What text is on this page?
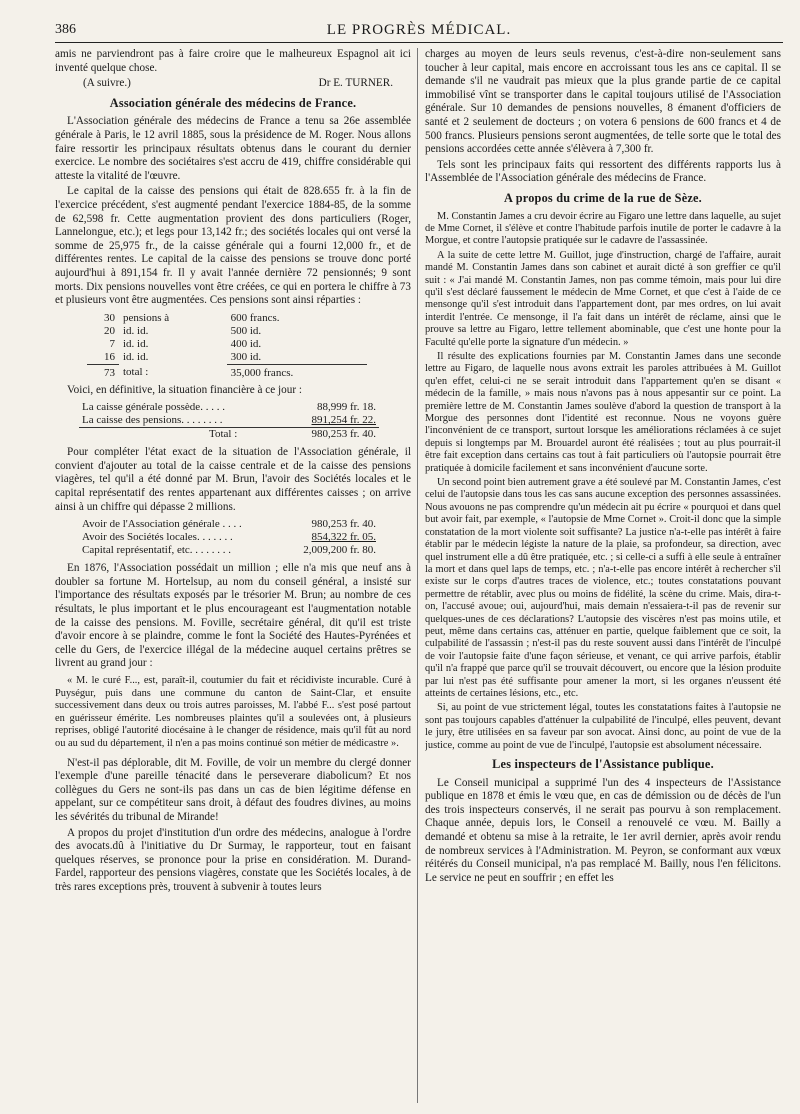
386	LE PROGRÈS MÉDICAL.

amis ne parviendront pas à faire croire que le malheureux Espagnol ait ici inventé quelque chose.

(A suivre.)	Dr E. TURNER.
Association générale des médecins de France.

L'Association générale des médecins de France a tenu sa 26e assemblée générale à Paris, le 12 avril 1885, sous la présidence de M. Roger. Nous allons faire ressortir les principaux résultats obtenus dans le courant du dernier exercice. Le nombre des sociétaires s'est accru de 419, chiffre considérable qui atteste la vitalité de l'œuvre.

Le capital de la caisse des pensions qui était de 828.655 fr. à la fin de l'exercice précédent, s'est augmenté pendant l'exercice 1884-85, de la somme de 62,598 fr. Cette augmentation provient des dons particuliers (Roger, Lannelongue, etc.); et legs pour 13,142 fr.; des sociétés locales qui ont versé la somme de 25,975 fr., de la caisse générale qui a fourni 12,000 fr., et de différentes rentes. Le capital de la caisse des pensions se trouve donc porté aujourd'hui à 891,154 fr. Il y avait l'année dernière 72 pensionnés; 9 sont morts. Dix pensions nouvelles vont être créées, ce qui en portera le chiffre à 73 et plusieurs vont être augmentées. Ces pensions sont ainsi réparties :

30	pensions à	600 francs.
20	id. id.	500 id.
7	id. id.	400 id.
16	id. id.	300 id.
73	total :	35,000 francs.

Voici, en définitive, la situation financière à ce jour :

La caisse générale possède. . . . .	88,999 fr. 18.
La caisse des pensions. . . . . . . .	891,254 fr. 22.
Total :	980,253 fr. 40.

Pour compléter l'état exact de la situation de l'Association générale, il convient d'ajouter au total de la caisse centrale et de la caisse des pensions viagères, tel qu'il a été donné par M. Brun, l'avoir des Sociétés locales et le capital représentatif des rentes appartenant aux différentes caisses ; on arrive ainsi à un chiffre qui dépasse 2 millions.

Avoir de l'Association générale . . . .	980,253 fr. 40.
Avoir des Sociétés locales. . . . . . .	854,322 fr. 05.
Capital représentatif, etc. . . . . . . .	2,009,200 fr. 80.

En 1876, l'Association possédait un million ; elle n'a mis que neuf ans à doubler sa fortune M. Hortelsup, au nom du conseil général, a insisté sur l'importance des résultats exposés par le trésorier M. Brun; au nombre de ces résultats, le plus important et le plus encourageant est l'augmentation notable de la caisse des pensions. M. Foville, secrétaire général, dit qu'il est triste d'avoir encore à se plaindre, comme le font la Société des Hautes-Pyrénées et celle du Gers, de l'exercice illégal de la médecine auquel certains prêtres se livrent au grand jour :

« M. le curé F..., est, paraît-il, coutumier du fait et récidiviste incurable. Curé à Puységur, puis dans une commune du canton de Saint-Clar, et ensuite successivement dans deux ou trois autres paroisses, M. l'abbé F... s'est posé partout en guérisseur émérite. Les nombreuses plaintes qu'il a soulevées ont, à plusieurs reprises, obligé l'autorité diocésaine à le changer de résidence, mais qu'il fût au nord ou au sud du département, il n'en a pas moins continué son métier de médicastre ».

N'est-il pas déplorable, dit M. Foville, de voir un membre du clergé donner l'exemple d'une pareille ténacité dans le perseverare diabolicum? Et nos collègues du Gers ne sont-ils pas dans un cas de bien légitime défense en appelant, sur ce compétiteur sans droit, à défaut des foudres divines, au moins les sévérités du tribunal de Mirande!

A propos du projet d'institution d'un ordre des médecins, analogue à l'ordre des avocats.dû à l'initiative du Dr Surmay, le rapporteur, tout en faisant quelques réserves, se prononce pour la prise en considération. M. Durand-Fardel, rapporteur des pensions viagères, constate que les Sociétés locales, à de très rares exceptions près, trouvent à subvenir à toutes leurs

charges au moyen de leurs seuls revenus, c'est-à-dire non-seulement sans toucher à leur capital, mais encore en accroissant tous les ans ce capital. Il se demande s'il ne vaudrait pas mieux que la plus grande partie de ce capital immobilisé vînt se transporter dans le capital toujours utilisé de l'Association générale. Sur 10 demandes de pensions nouvelles, 8 émanent d'officiers de santé et 2 seulement de docteurs ; on votera 6 pensions de 600 francs et 4 de 500 francs. Plusieurs pensions seront augmentées, de telle sorte que le total des pensions accordées cette année s'élèvera à 7,300 fr.

Tels sont les principaux faits qui ressortent des différents rapports lus à l'Assemblée de l'Association générale des médecins de France.

A propos du crime de la rue de Sèze.

M. Constantin James a cru devoir écrire au Figaro une lettre dans laquelle, au sujet de Mme Cornet, il s'élève et contre l'habitude parfois inutile de porter le cadavre à la Morgue, et contre l'autopsie pratiquée sur le cadavre de l'assassinée.

A la suite de cette lettre M. Guillot, juge d'instruction, chargé de l'affaire, aurait mandé M. Constantin James dans son cabinet et aurait dicté à son greffier ce qu'il suit : « J'ai mandé M. Constantin James, non pas comme témoin, mais pour lui dire qu'il s'est déclaré faussement le médecin de Mme Cornet, et que c'est à l'aide de ce mensonge qu'il s'est introduit dans l'appartement dont, par mes ordres, on lui avait interdit l'entrée. Ce mensonge, il l'a fait dans un intérêt de réclame, ainsi que le prouve sa lettre au Figaro, lettre tellement abominable, que c'est une honte pour la Faculté qu'elle porte la signature d'un médecin. »

Il résulte des explications fournies par M. Constantin James dans une seconde lettre au Figaro, de laquelle nous avons extrait les paroles attribuées à M. Guillot qu'en effet, celui-ci ne se serait introduit dans l'appartement qu'en se disant « médecin de la famille, » mais nous n'avons pas à nous appesantir sur ce point. La première lettre de M. Constantin James soulève d'abord la question de transport à la Morgue des personnes dont l'identité est reconnue. Nous ne voyons guère l'inconvénient de ce transport, surtout lorsque les améliorations réclamées à ce sujet depuis si longtemps par M. Brouardel auront été réalisées ; tout au plus pourrait-il être fait exception dans certains cas tout à fait particuliers où l'autopsie pourrait être pratiquée à domicile facilement et sans inconvénient d'aucune sorte.

Un second point bien autrement grave a été soulevé par M. Constantin James, c'est celui de l'autopsie dans tous les cas sans aucune exception des personnes assassinées. Nous avouons ne pas comprendre qu'un médecin ait pu écrire « pourquoi et dans quel but avoir fait, par exemple, « l'autopsie de Mme Cornet ». Croit-il donc que la simple constatation de la mort violente soit suffisante? La justice n'a-t-elle pas intérêt à faire établir par le médecin légiste la nature de la plaie, sa profondeur, sa direction, avec quel instrument elle a dû être pratiquée, etc. ; si celle-ci a suffi à elle seule à entraîner la mort et dans quel laps de temps, etc. ; n'a-t-elle pas encore intérêt à rechercher s'il existe sur le corps d'autres traces de violence, etc.; toutes constatations pouvant permettre de rétablir, avec plus ou moins de fidélité, la scène du crime. Mais, dira-t-on, l'accusé avoue; oui, aujourd'hui, mais demain n'essaiera-t-il pas de revenir sur quelques-unes de ces déclarations? L'autopsie des viscères n'est pas moins utile, et peut, même dans certains cas, atténuer en partie, quelque faiblement que ce soit, la culpabilité de l'assassin ; n'est-il pas du reste souvent aussi dans l'intérêt de l'inculpé de voir l'autopsie faite d'une façon sérieuse, et venant, ce qui arrive parfois, établir qu'il n'a frappé que parce qu'il se trouvait découvert, ou encore que la lésion produite par lui n'est pas été suffisante pour amener la mort, si les organes n'eussent été atteints de certaines lésions, etc., etc.

Si, au point de vue strictement légal, toutes les constatations faites à l'autopsie ne sont pas toujours capables d'atténuer la culpabilité de l'inculpé, elles peuvent, devant le jury, être utilisées en sa faveur par son avocat. Ainsi donc, au point de vue de la justice, comme au point de vue de l'inculpé, l'autopsie est absolument nécessaire.

Les inspecteurs de l'Assistance publique.

Le Conseil municipal a supprimé l'un des 4 inspecteurs de l'Assistance publique en 1878 et émis le vœu que, en cas de démission ou de décès de l'un des trois inspecteurs conservés, il ne serait pas pourvu à son remplacement. Chaque année, depuis lors, le Conseil a renouvelé ce vœu. M. Bailly a demandé et obtenu sa mise à la retraite, le 1er avril dernier, après avoir rendu de nombreux services à l'Administration. M. Peyron, se conformant aux vœux réitérés du Conseil municipal, n'a pas remplacé M. Bailly, nous l'en félicitons. Le service ne peut en souffrir ; en effet les
